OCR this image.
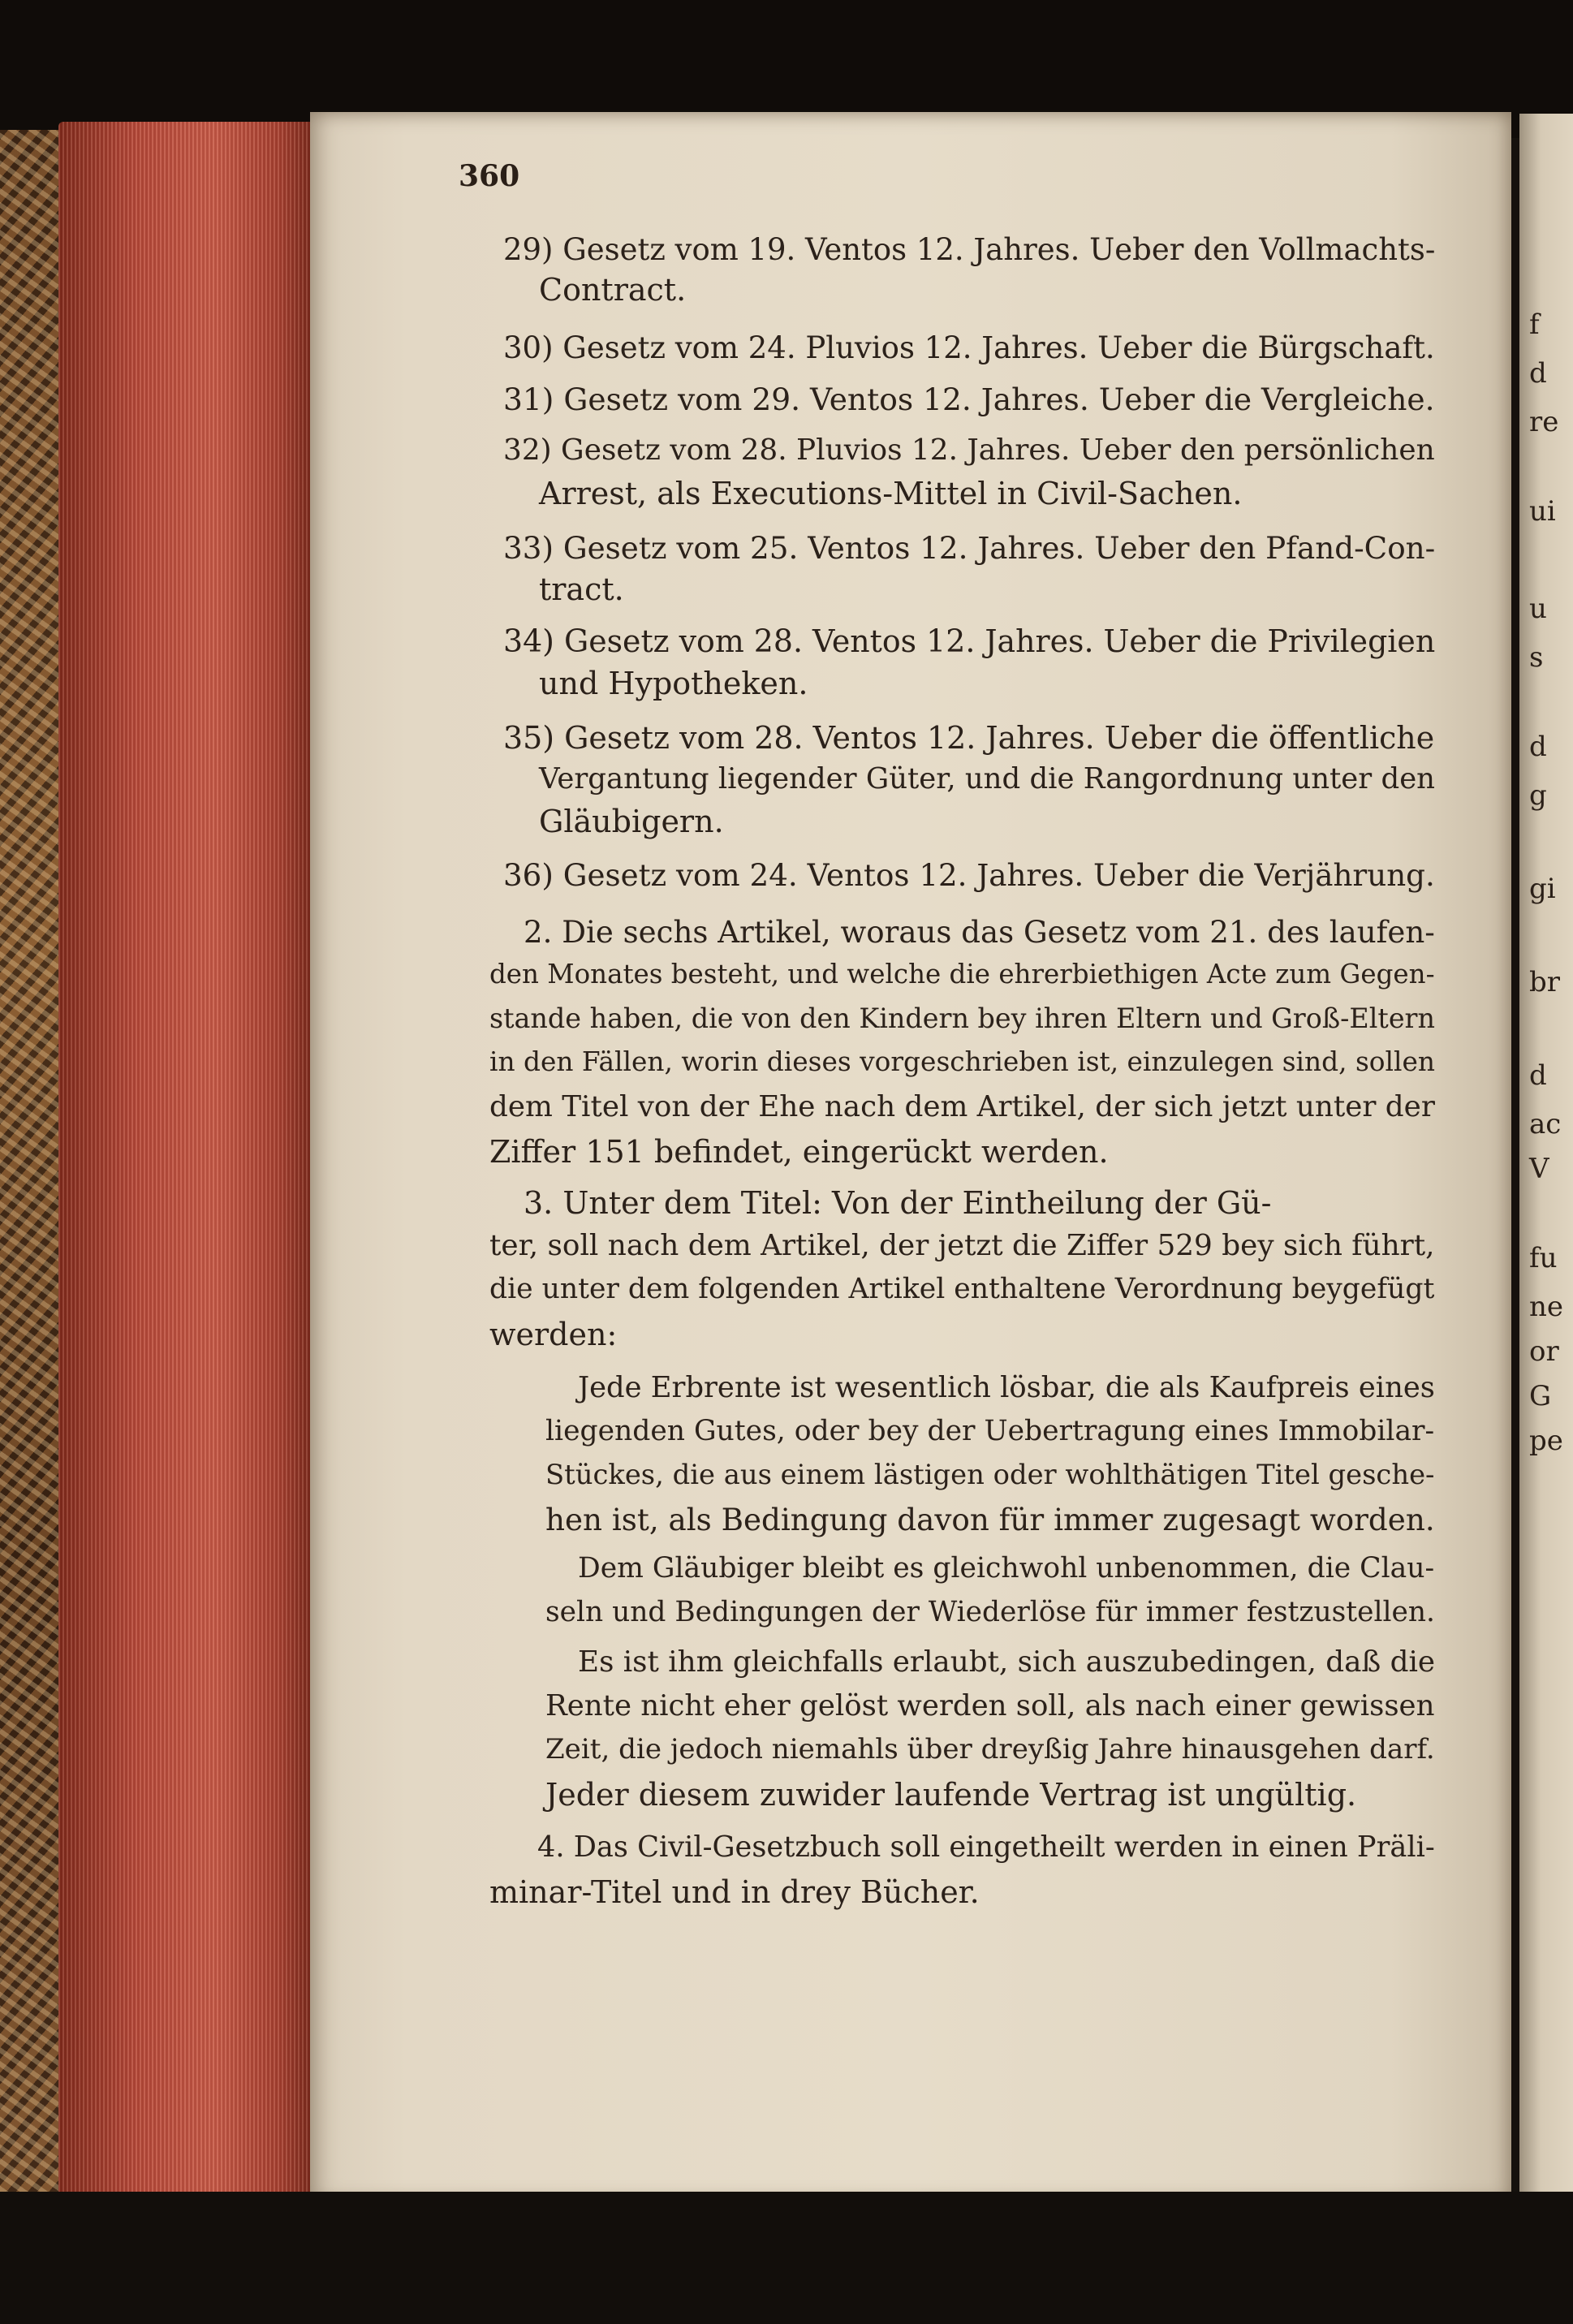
360
29) Gesetz vom 19. Ventos 12. Jahres. Ueber den Vollmachts-
Contract.
30) Gesetz vom 24. Pluvios 12. Jahres. Ueber die Bürgschaft.
31) Gesetz vom 29. Ventos 12. Jahres. Ueber die Vergleiche.
32) Gesetz vom 28. Pluvios 12. Jahres. Ueber den persönlichen
Arrest, als Executions-Mittel in Civil-Sachen.
33) Gesetz vom 25. Ventos 12. Jahres. Ueber den Pfand-Con-
tract.
34) Gesetz vom 28. Ventos 12. Jahres. Ueber die Privilegien
und Hypotheken.
35) Gesetz vom 28. Ventos 12. Jahres. Ueber die öffentliche
Vergantung liegender Güter, und die Rangordnung unter den
Gläubigern.
36) Gesetz vom 24. Ventos 12. Jahres. Ueber die Verjährung.
2. Die sechs Artikel, woraus das Gesetz vom 21. des laufen-
den Monates besteht, und welche die ehrerbiethigen Acte zum Gegen-
stande haben, die von den Kindern bey ihren Eltern und Groß-Eltern
in den Fällen, worin dieses vorgeschrieben ist, einzulegen sind, sollen
dem Titel von der Ehe nach dem Artikel, der sich jetzt unter der
Ziffer 151 befindet, eingerückt werden.
3. Unter dem Titel: Von der Eintheilung der Gü-
ter, soll nach dem Artikel, der jetzt die Ziffer 529 bey sich führt,
die unter dem folgenden Artikel enthaltene Verordnung beygefügt
werden:
Jede Erbrente ist wesentlich lösbar, die als Kaufpreis eines
liegenden Gutes, oder bey der Uebertragung eines Immobilar-
Stückes, die aus einem lästigen oder wohlthätigen Titel gesche-
hen ist, als Bedingung davon für immer zugesagt worden.
Dem Gläubiger bleibt es gleichwohl unbenommen, die Clau-
seln und Bedingungen der Wiederlöse für immer festzustellen.
Es ist ihm gleichfalls erlaubt, sich auszubedingen, daß die
Rente nicht eher gelöst werden soll, als nach einer gewissen
Zeit, die jedoch niemahls über dreyßig Jahre hinausgehen darf.
Jeder diesem zuwider laufende Vertrag ist ungültig.
4. Das Civil-Gesetzbuch soll eingetheilt werden in einen Präli-
minar-Titel und in drey Bücher.
f
d
re
ui
u
s
d
g
gi
br
d
ac
V
fu
ne
or
G
pe
